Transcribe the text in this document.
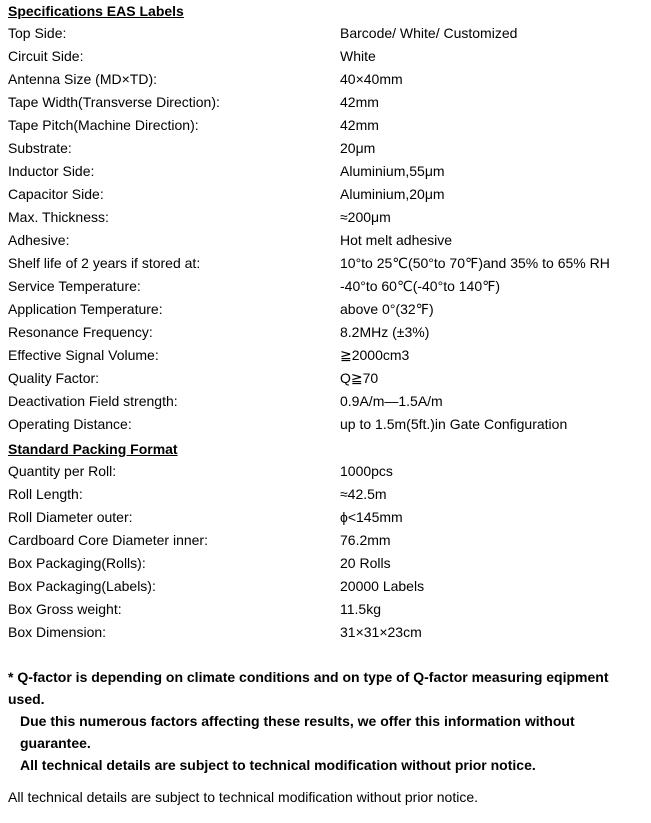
Specifications EAS Labels
Top Side:	Barcode/ White/ Customized
Circuit Side:	White
Antenna Size (MD×TD):	40×40mm
Tape Width(Transverse Direction):	42mm
Tape Pitch(Machine Direction):	42mm
Substrate:	20μm
Inductor Side:	Aluminium,55μm
Capacitor Side:	Aluminium,20μm
Max. Thickness:	≈200μm
Adhesive:	Hot melt adhesive
Shelf life of 2 years if stored at:	10°to 25℃(50°to 70℉)and 35% to 65% RH
Service Temperature:	-40°to 60℃(-40°to 140℉)
Application Temperature:	above 0°(32℉)
Resonance Frequency:	8.2MHz (±3%)
Effective Signal Volume:	≧2000cm3
Quality Factor:	Q≧70
Deactivation Field strength:	0.9A/m—1.5A/m
Operating Distance:	up to 1.5m(5ft.)in Gate Configuration
Standard Packing Format
Quantity per Roll:	1000pcs
Roll Length:	≈42.5m
Roll Diameter outer:	ϕ<145mm
Cardboard Core Diameter inner:	76.2mm
Box Packaging(Rolls):	20 Rolls
Box Packaging(Labels):	20000 Labels
Box Gross weight:	11.5kg
Box Dimension:	31×31×23cm
* Q-factor is depending on climate conditions and on type of Q-factor measuring eqipment used.
Due this numerous factors affecting these results, we offer this information without guarantee.
All technical details are subject to technical modification without prior notice.
All technical details are subject to technical modification without prior notice.
